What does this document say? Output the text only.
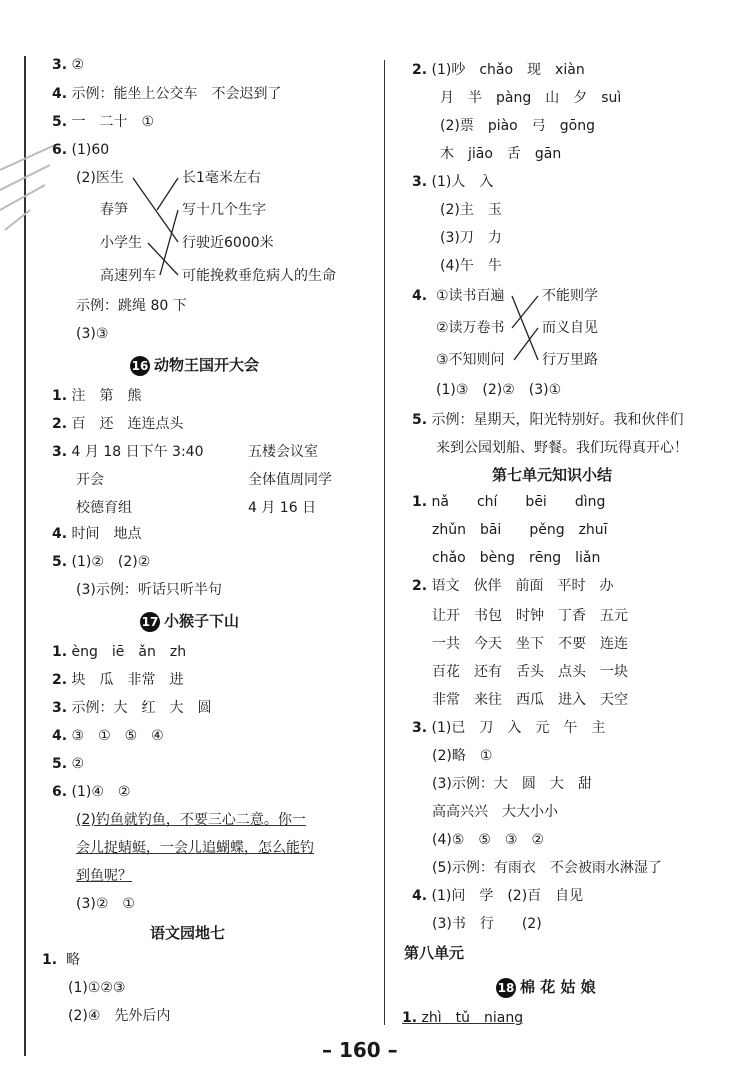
3. ②
4. 示例：能坐上公交车　不会迟到了
5. 一　二十　①
6. (1)60
(2)医生
春笋
小学生
高速列车
长1毫米左右
写十几个生字
行驶近6000米
可能挽救垂危病人的生命
示例：跳绳 80 下
(3)③
16 动物王国开大会
1. 注　第　熊
2. 百　还　连连点头
3. 4 月 18 日下午 3:40	五楼会议室
开会	全体值周同学
校德育组	4 月 16 日
4. 时间　地点
5. (1)②　(2)②
(3)示例：听话只听半句
17 小猴子下山
1. èng　iē　ǎn　zh
2. 块　瓜　非常　进
3. 示例：大　红　大　圆
4. ③　①　⑤　④
5. ②
6. (1)④　②
(2)钓鱼就钓鱼，不要三心二意。你一
会儿捉蜻蜓，一会儿追蝴蝶，怎么能钓
到鱼呢？
(3)②　①
语文园地七
1. 略
(1)①②③
(2)④　先外后内
2. (1)吵　chǎo　现　xiàn
月　半　pàng　山　夕　suì
(2)票　piào　弓　gōng
木　jiāo　舌　gān
3. (1)人　入
(2)主　玉
(3)刀　力
(4)午　牛
4. ①读书百遍
②读万卷书
③不知则问
不能则学
而义自见
行万里路
(1)③　(2)②　(3)①
5. 示例：星期天，阳光特别好。我和伙伴们
来到公园划船、野餐。我们玩得真开心！
第七单元知识小结
1. nǎ　　chí　　bēi　　dìng
zhǔn　bāi　　pěng　zhuī
chǎo　bèng　rēng　liǎn
2. 语文　伙伴　前面　平时　办
让开　书包　时钟　丁香　五元
一共　今天　坐下　不要　连连
百花　还有　舌头　点头　一块
非常　来往　西瓜　进入　天空
3. (1)已　刀　入　元　午　主
(2)略　①
(3)示例：大　圆　大　甜
高高兴兴　大大小小
(4)⑤　⑤　③　②
(5)示例：有雨衣　不会被雨水淋湿了
4. (1)问　学　(2)百　自见
(3)书　行　　(2)
第八单元
18 棉 花 姑 娘
1. zhì　tǔ　niang
– 160 –
